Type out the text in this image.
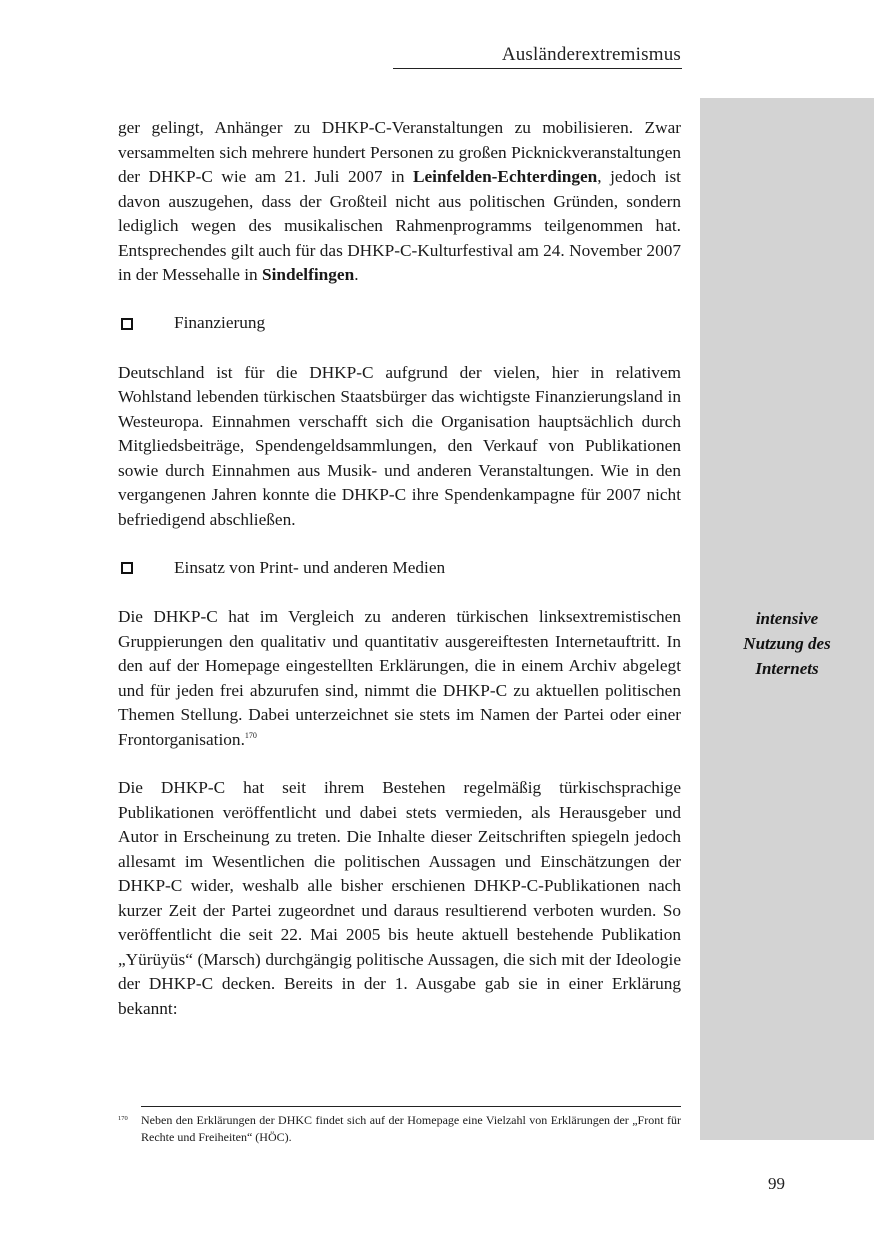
Ausländerextremismus
intensive
Nutzung des
Internets

ger gelingt, Anhänger zu DHKP-C-Veranstaltungen zu mobilisieren. Zwar versammelten sich mehrere hundert Personen zu großen Picknickveranstaltungen der DHKP-C wie am 21. Juli 2007 in Leinfelden-Echterdingen, jedoch ist davon auszugehen, dass der Großteil nicht aus politischen Gründen, sondern lediglich wegen des musikalischen Rahmenprogramms teilgenommen hat. Entsprechendes gilt auch für das DHKP-C-Kulturfestival am 24. November 2007 in der Messehalle in Sindelfingen.

Finanzierung

Deutschland ist für die DHKP-C aufgrund der vielen, hier in relativem Wohlstand lebenden türkischen Staatsbürger das wichtigste Finanzierungsland in Westeuropa. Einnahmen verschafft sich die Organisation hauptsächlich durch Mitgliedsbeiträge, Spendengeldsammlungen, den Verkauf von Publikationen sowie durch Einnahmen aus Musik- und anderen Veranstaltungen. Wie in den vergangenen Jahren konnte die DHKP-C ihre Spendenkampagne für 2007 nicht befriedigend abschließen.

Einsatz von Print- und anderen Medien

Die DHKP-C hat im Vergleich zu anderen türkischen linksextremistischen Gruppierungen den qualitativ und quantitativ ausgereiftesten Internetauftritt. In den auf der Homepage eingestellten Erklärungen, die in einem Archiv abgelegt und für jeden frei abzurufen sind, nimmt die DHKP-C zu aktuellen politischen Themen Stellung. Dabei unterzeichnet sie stets im Namen der Partei oder einer Frontorganisation.$^{170}$

Die DHKP-C hat seit ihrem Bestehen regelmäßig türkischsprachige Publikationen veröffentlicht und dabei stets vermieden, als Herausgeber und Autor in Erscheinung zu treten. Die Inhalte dieser Zeitschriften spiegeln jedoch allesamt im Wesentlichen die politischen Aussagen und Einschätzungen der DHKP-C wider, weshalb alle bisher erschienen DHKP-C-Publikationen nach kurzer Zeit der Partei zugeordnet und daraus resultierend verboten wurden. So veröffentlicht die seit 22. Mai 2005 bis heute aktuell bestehende Publikation „Yürüyüs“ (Marsch) durchgängig politische Aussagen, die sich mit der Ideologie der DHKP-C decken. Bereits in der 1. Ausgabe gab sie in einer Erklärung bekannt:

170 Neben den Erklärungen der DHKC findet sich auf der Homepage eine Vielzahl von Erklärungen der „Front für Rechte und Freiheiten“ (HÖC).
99
